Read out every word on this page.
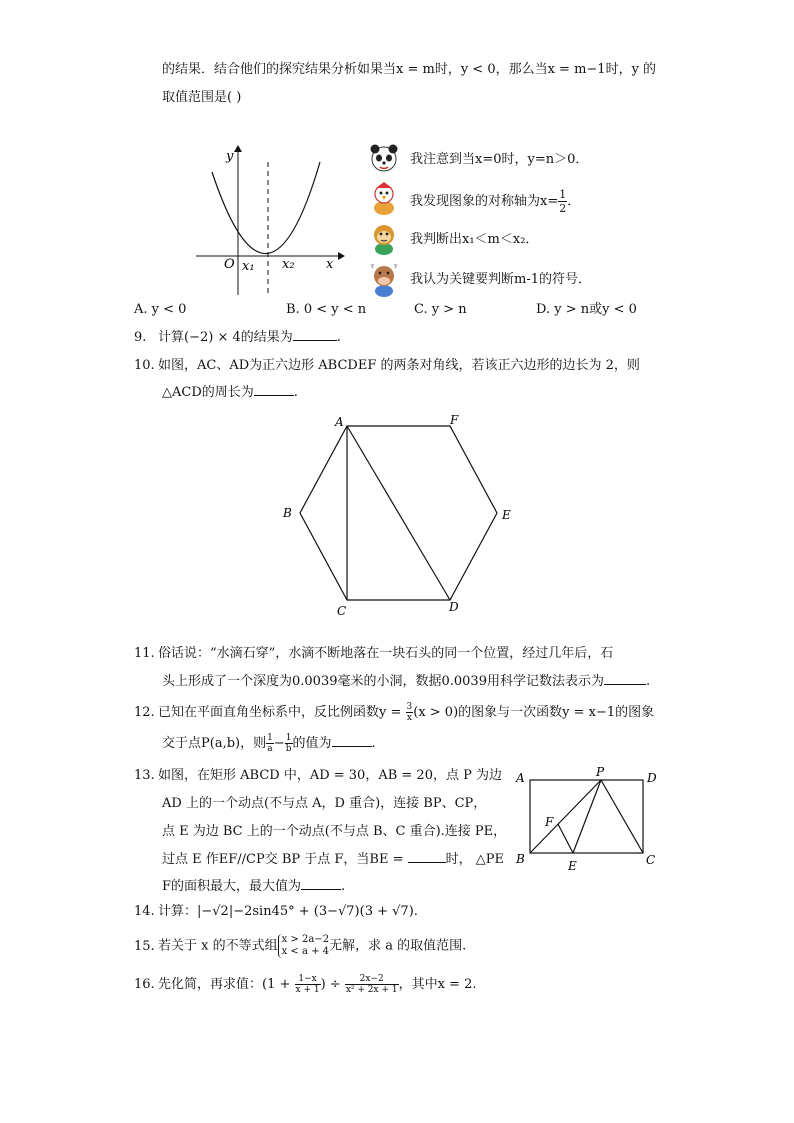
的结果．结合他们的探究结果分析如果当x = m时，y < 0，那么当x = m−1时，y 的
取值范围是( )
y
x
O x₁ x₂
我注意到当x=0时，y=n＞0．
我发现图象的对称轴为$x= \frac{1}{2}$ ．
我判断出x₁＜m＜x₂．
我认为关键要判断m-1的符号．
A. y < 0	B. 0 < y < n	C. y > n	D. y > n或y < 0
9. 计算(−2) × 4的结果为	.
10. 如图，AC、AD为正六边形 ABCDEF 的两条对角线，若该正六边形的边长为 2，则
△ACD的周长为	.
A	F
B	E
C	D
11. 俗话说：“水滴石穿”，水滴不断地落在一块石头的同一个位置，经过几年后，石
头上形成了一个深度为0.0039毫米的小洞，数据0.0039用科学记数法表示为	.
12. 已知在平面直角坐标系中，反比例函数$y = \frac{3}{x} (x > 0)$的图象与一次函数y = x−1的图象
交于点P(a,b)，则 $\frac{1}{a} - \frac{1}{b}$ 的值为	.
13. 如图，在矩形 ABCD 中，AD = 30，AB = 20，点 P 为边
AD 上的一个动点(不与点 A，D 重合)，连接 BP、CP，
点 E 为边 BC 上的一个动点(不与点 B、C 重合).连接 PE，
过点 E 作EF//CP交 BP 于点 F，当BE =	时， △PE
F的面积最大，最大值为	.
A	P	D
F
B	E	C
14. 计算：|−√2|−2sin45° + (3−√7)(3 + √7).
15. 若关于 x 的不等式组 x > 2a−2
x < a + 4 无解，求 a 的取值范围.
16. 先化简，再求值：($1 + \frac{1-x}{x + 1}$ ) ÷ $\frac{2x-2}{\text{x² + 2x + 1}}$ ，其中x = 2.
